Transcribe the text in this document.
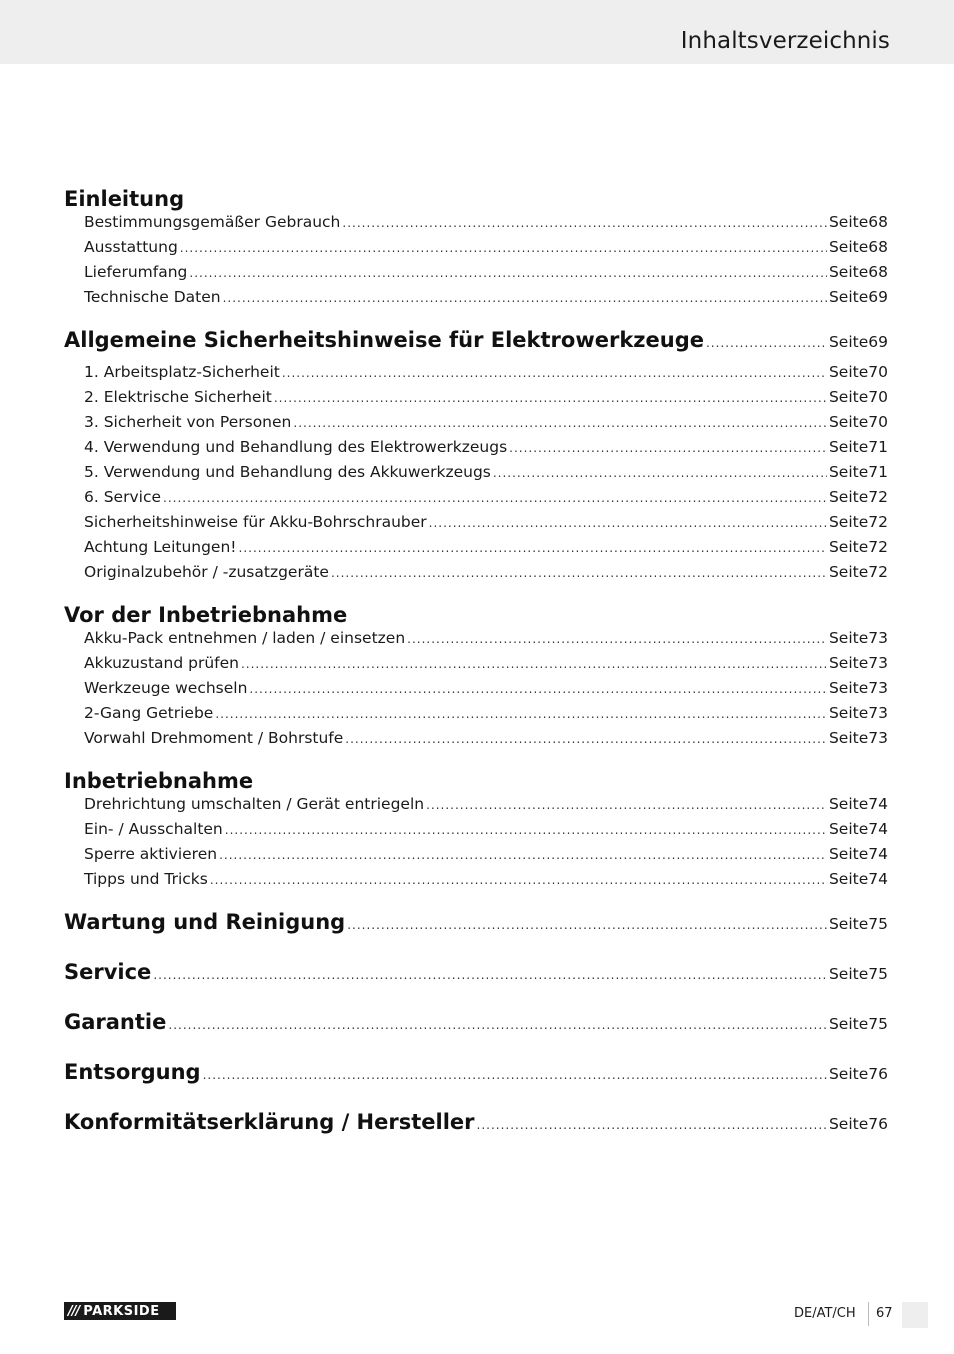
Inhaltsverzeichnis
Einleitung
Bestimmungsgemäßer Gebrauch .....	Seite 68
Ausstattung .....	Seite 68
Lieferumfang .....	Seite 68
Technische Daten .....	Seite 69
Allgemeine Sicherheitshinweise für Elektrowerkzeuge .....	Seite 69
1. Arbeitsplatz-Sicherheit .....	Seite 70
2. Elektrische Sicherheit .....	Seite 70
3. Sicherheit von Personen .....	Seite 70
4. Verwendung und Behandlung des Elektrowerkzeugs .....	Seite 71
5. Verwendung und Behandlung des Akkuwerkzeugs .....	Seite 71
6. Service .....	Seite 72
Sicherheitshinweise für Akku-Bohrschrauber .....	Seite 72
Achtung Leitungen! .....	Seite 72
Originalzubehör / -zusatzgeräte .....	Seite 72
Vor der Inbetriebnahme
Akku-Pack entnehmen / laden / einsetzen .....	Seite 73
Akkuzustand prüfen .....	Seite 73
Werkzeuge wechseln .....	Seite 73
2-Gang Getriebe .....	Seite 73
Vorwahl Drehmoment / Bohrstufe .....	Seite 73
Inbetriebnahme
Drehrichtung umschalten / Gerät entriegeln .....	Seite 74
Ein- / Ausschalten .....	Seite 74
Sperre aktivieren .....	Seite 74
Tipps und Tricks .....	Seite 74
Wartung und Reinigung .....	Seite 75
Service .....	Seite 75
Garantie .....	Seite 75
Entsorgung .....	Seite 76
Konformitätserklärung / Hersteller .....	Seite 76
/// PARKSIDE	DE/AT/CH 67
